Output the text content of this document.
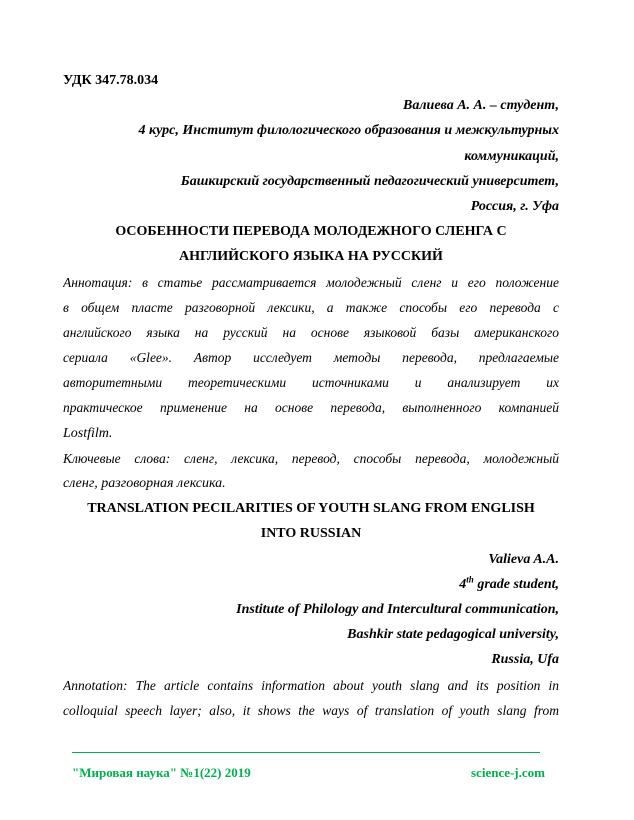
УДК 347.78.034
Валиева А. А. – студент,
4 курс, Институт филологического образования и межкультурных
коммуникаций,
Башкирский государственный педагогический университет,
Россия, г. Уфа
ОСОБЕННОСТИ ПЕРЕВОДА МОЛОДЕЖНОГО СЛЕНГА С
АНГЛИЙСКОГО ЯЗЫКА НА РУССКИЙ
Аннотация: в статье рассматривается молодежный сленг и его положение
в общем пласте разговорной лексики, а также способы его перевода с
английского языка на русский на основе языковой базы американского
сериала «Glee». Автор исследует методы перевода, предлагаемые
авторитетными теоретическими источниками и анализирует их
практическое применение на основе перевода, выполненного компанией
Lostfilm.
Ключевые слова: сленг, лексика, перевод, способы перевода, молодежный
сленг, разговорная лексика.
TRANSLATION PECILARITIES OF YOUTH SLANG FROM ENGLISH
INTO RUSSIAN
Valieva A.A.
4th grade student,
Institute of Philology and Intercultural communication,
Bashkir state pedagogical university,
Russia, Ufa
Annotation: The article contains information about youth slang and its position in
colloquial speech layer; also, it shows the ways of translation of youth slang from
"Мировая наука" №1(22) 2019	science-j.com
